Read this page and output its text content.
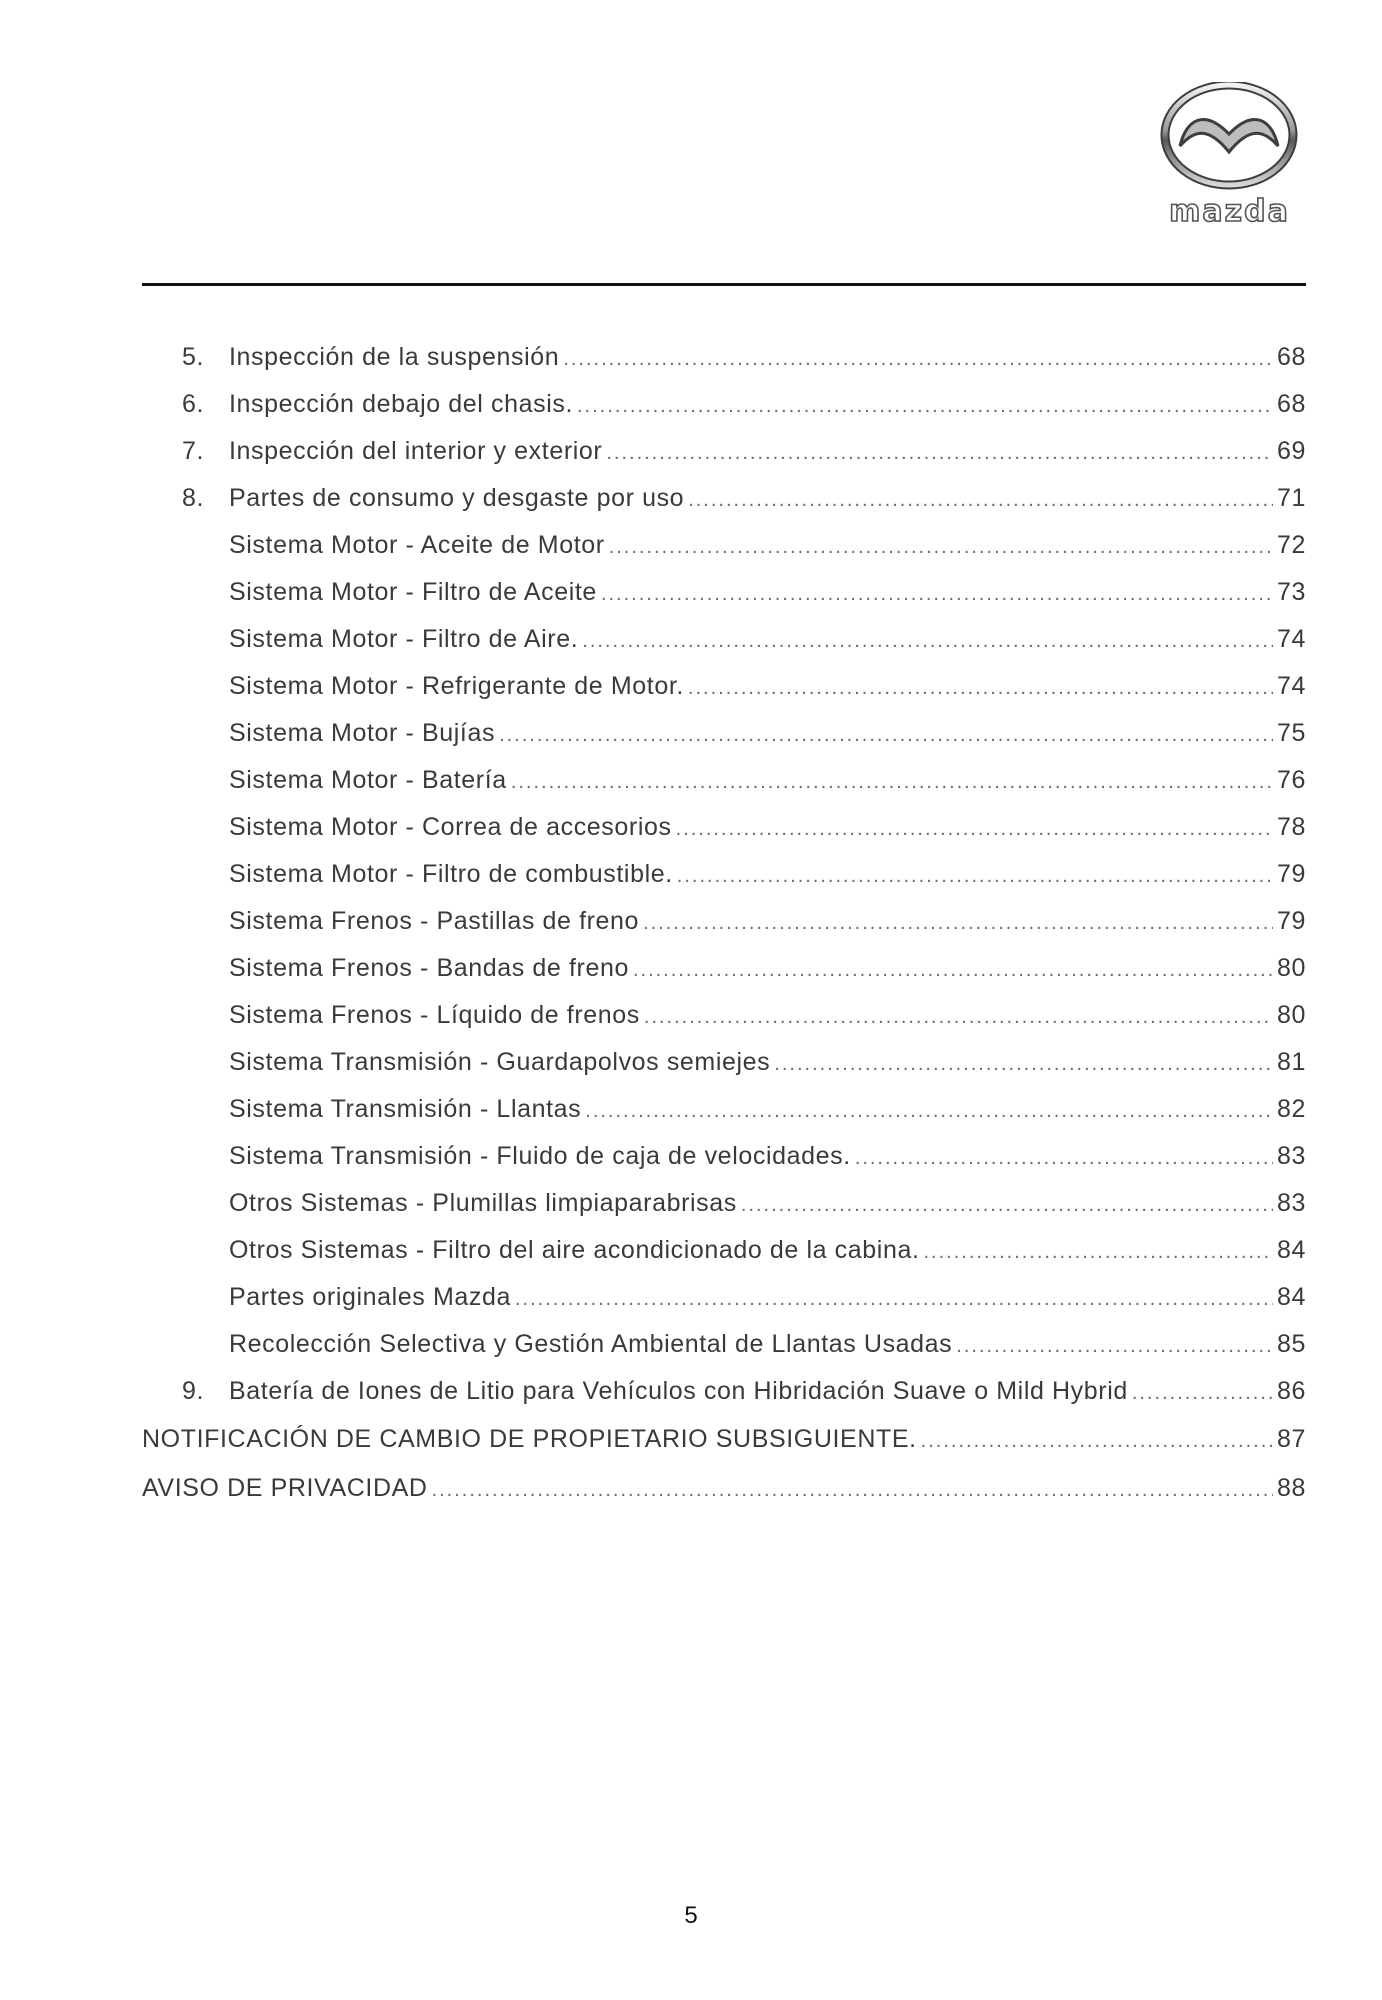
mazda
5. Inspección de la suspensión .....	68
6. Inspección debajo del chasis. .....	68
7. Inspección del interior y exterior .....	69
8. Partes de consumo y desgaste por uso .....	71
Sistema Motor - Aceite de Motor .....	72
Sistema Motor - Filtro de Aceite .....	73
Sistema Motor - Filtro de Aire. .....	74
Sistema Motor - Refrigerante de Motor. .....	74
Sistema Motor - Bujías .....	75
Sistema Motor - Batería .....	76
Sistema Motor - Correa de accesorios .....	78
Sistema Motor - Filtro de combustible. .....	79
Sistema Frenos - Pastillas de freno .....	79
Sistema Frenos - Bandas de freno .....	80
Sistema Frenos - Líquido de frenos .....	80
Sistema Transmisión - Guardapolvos semiejes .....	81
Sistema Transmisión - Llantas .....	82
Sistema Transmisión - Fluido de caja de velocidades. .....	83
Otros Sistemas - Plumillas limpiaparabrisas .....	83
Otros Sistemas - Filtro del aire acondicionado de la cabina. .....	84
Partes originales Mazda .....	84
Recolección Selectiva y Gestión Ambiental de Llantas Usadas .....	85
9. Batería de Iones de Litio para Vehículos con Hibridación Suave o Mild Hybrid .....	86
NOTIFICACIÓN DE CAMBIO DE PROPIETARIO SUBSIGUIENTE. .....	87
AVISO DE PRIVACIDAD .....	88
5
